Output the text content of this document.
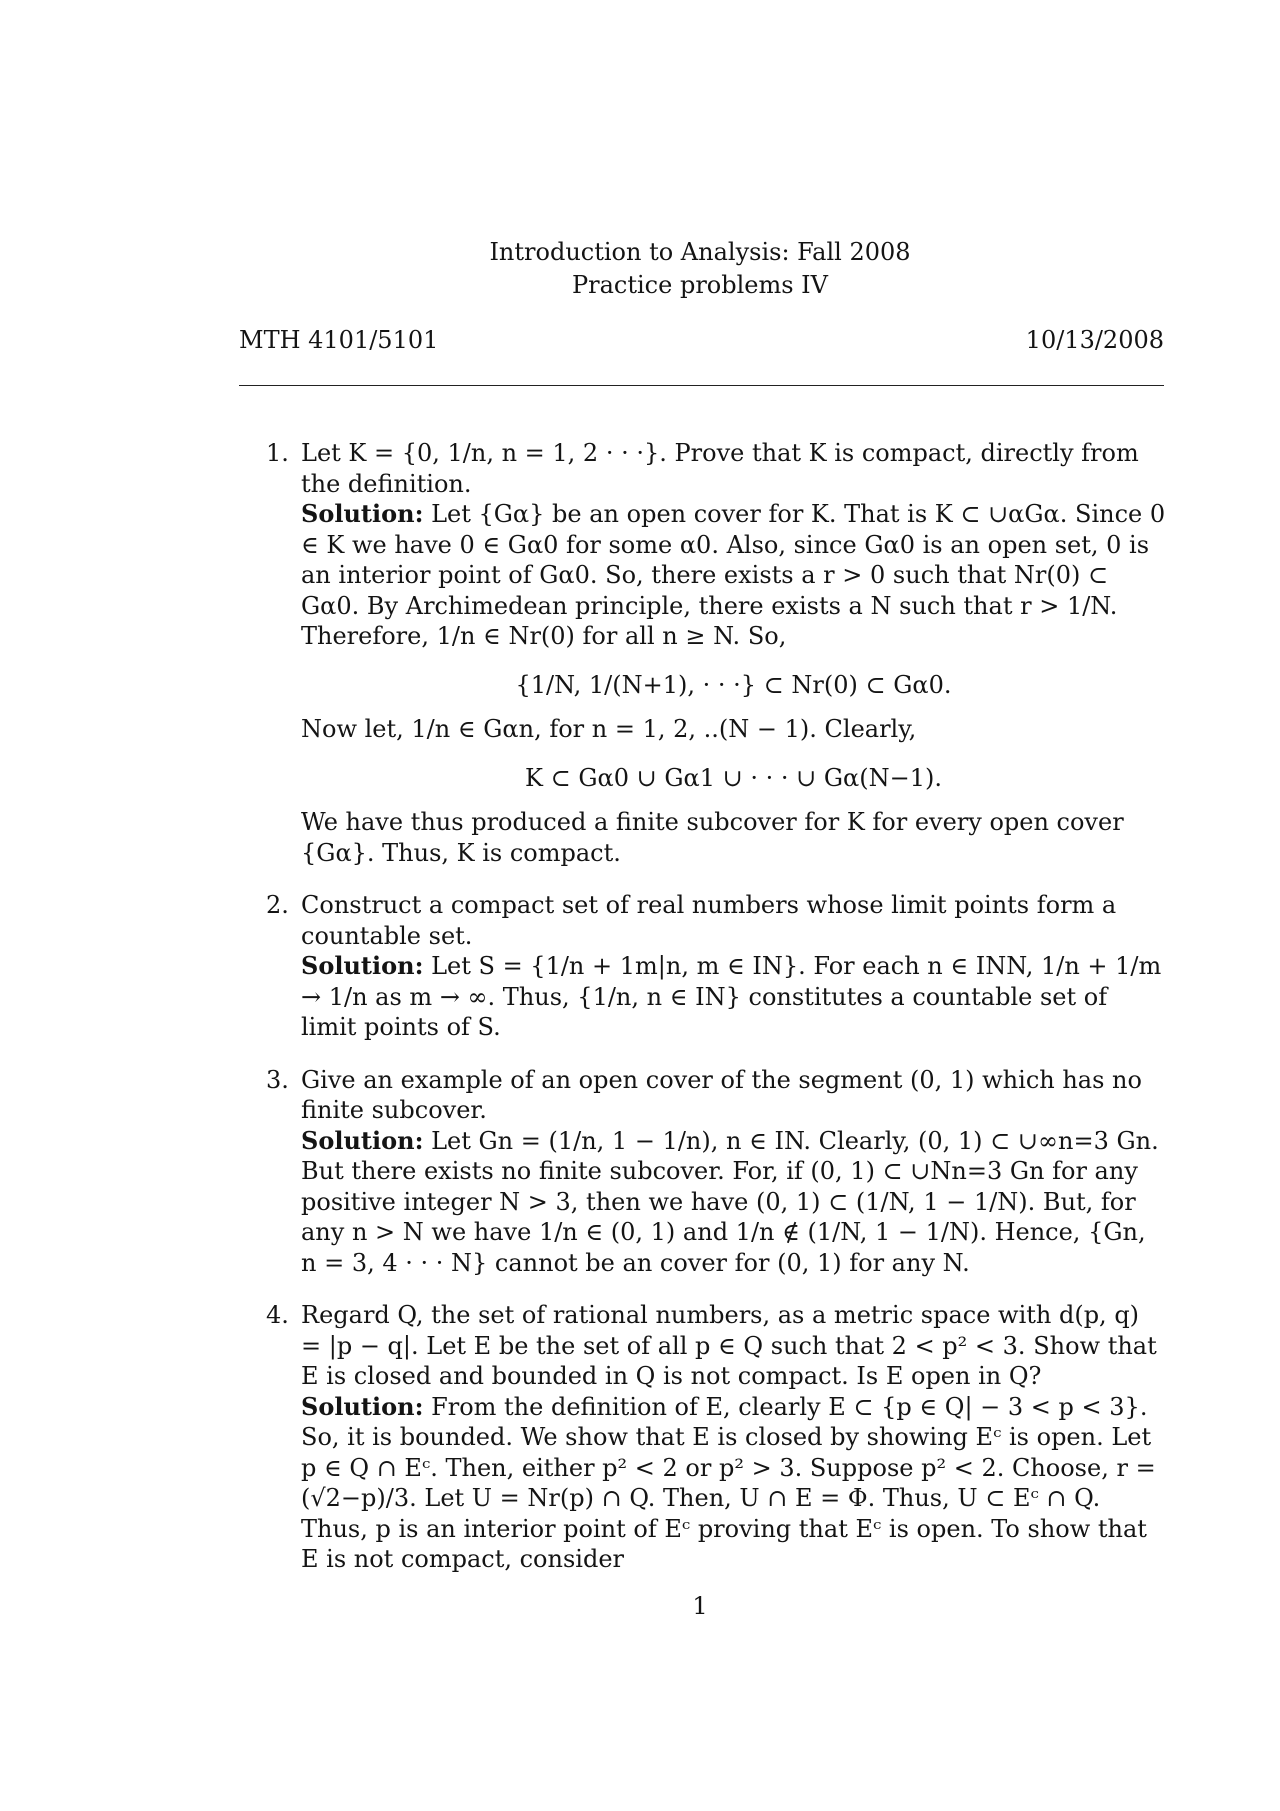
Introduction to Analysis: Fall 2008
Practice problems IV
MTH 4101/5101	10/13/2008
1. Let K = {0, 1/n, n = 1, 2 · · ·}. Prove that K is compact, directly from the definition.

Solution: Let {Gα} be an open cover for K. That is K ⊂ ∪αGα. Since 0 ∈ K we have 0 ∈ Gα0 for some α0. Also, since Gα0 is an open set, 0 is an interior point of Gα0. So, there exists a r > 0 such that Nr(0) ⊂ Gα0. By Archimedean principle, there exists a N such that r > 1/N. Therefore, 1/n ∈ Nr(0) for all n ≥ N. So,

{1/N, 1/(N+1), · · ·} ⊂ Nr(0) ⊂ Gα0.

Now let, 1/n ∈ Gαn, for n = 1, 2, ..(N − 1). Clearly,

K ⊂ Gα0 ∪ Gα1 ∪ · · · ∪ Gα(N−1).

We have thus produced a finite subcover for K for every open cover {Gα}. Thus, K is compact.

2. Construct a compact set of real numbers whose limit points form a countable set.

Solution: Let S = {1/n + 1m|n, m ∈ IN}. For each n ∈ INN, 1/n + 1/m → 1/n as m → ∞. Thus, {1/n, n ∈ IN} constitutes a countable set of limit points of S.

3. Give an example of an open cover of the segment (0, 1) which has no finite subcover.

Solution: Let Gn = (1/n, 1 − 1/n), n ∈ IN. Clearly, (0, 1) ⊂ ∪∞n=3 Gn. But there exists no finite subcover. For, if (0, 1) ⊂ ∪Nn=3 Gn for any positive integer N > 3, then we have (0, 1) ⊂ (1/N, 1 − 1/N). But, for any n > N we have 1/n ∈ (0, 1) and 1/n ∉ (1/N, 1 − 1/N). Hence, {Gn, n = 3, 4 · · · N} cannot be an cover for (0, 1) for any N.

4. Regard Q, the set of rational numbers, as a metric space with d(p, q) = |p − q|. Let E be the set of all p ∈ Q such that 2 < p² < 3. Show that E is closed and bounded in Q is not compact. Is E open in Q?

Solution: From the definition of E, clearly E ⊂ {p ∈ Q| − 3 < p < 3}. So, it is bounded. We show that E is closed by showing Eᶜ is open. Let p ∈ Q ∩ Eᶜ. Then, either p² < 2 or p² > 3. Suppose p² < 2. Choose, r = (√2−p)/3. Let U = Nr(p) ∩ Q. Then, U ∩ E = Φ. Thus, U ⊂ Eᶜ ∩ Q. Thus, p is an interior point of Eᶜ proving that Eᶜ is open. To show that E is not compact, consider

1
